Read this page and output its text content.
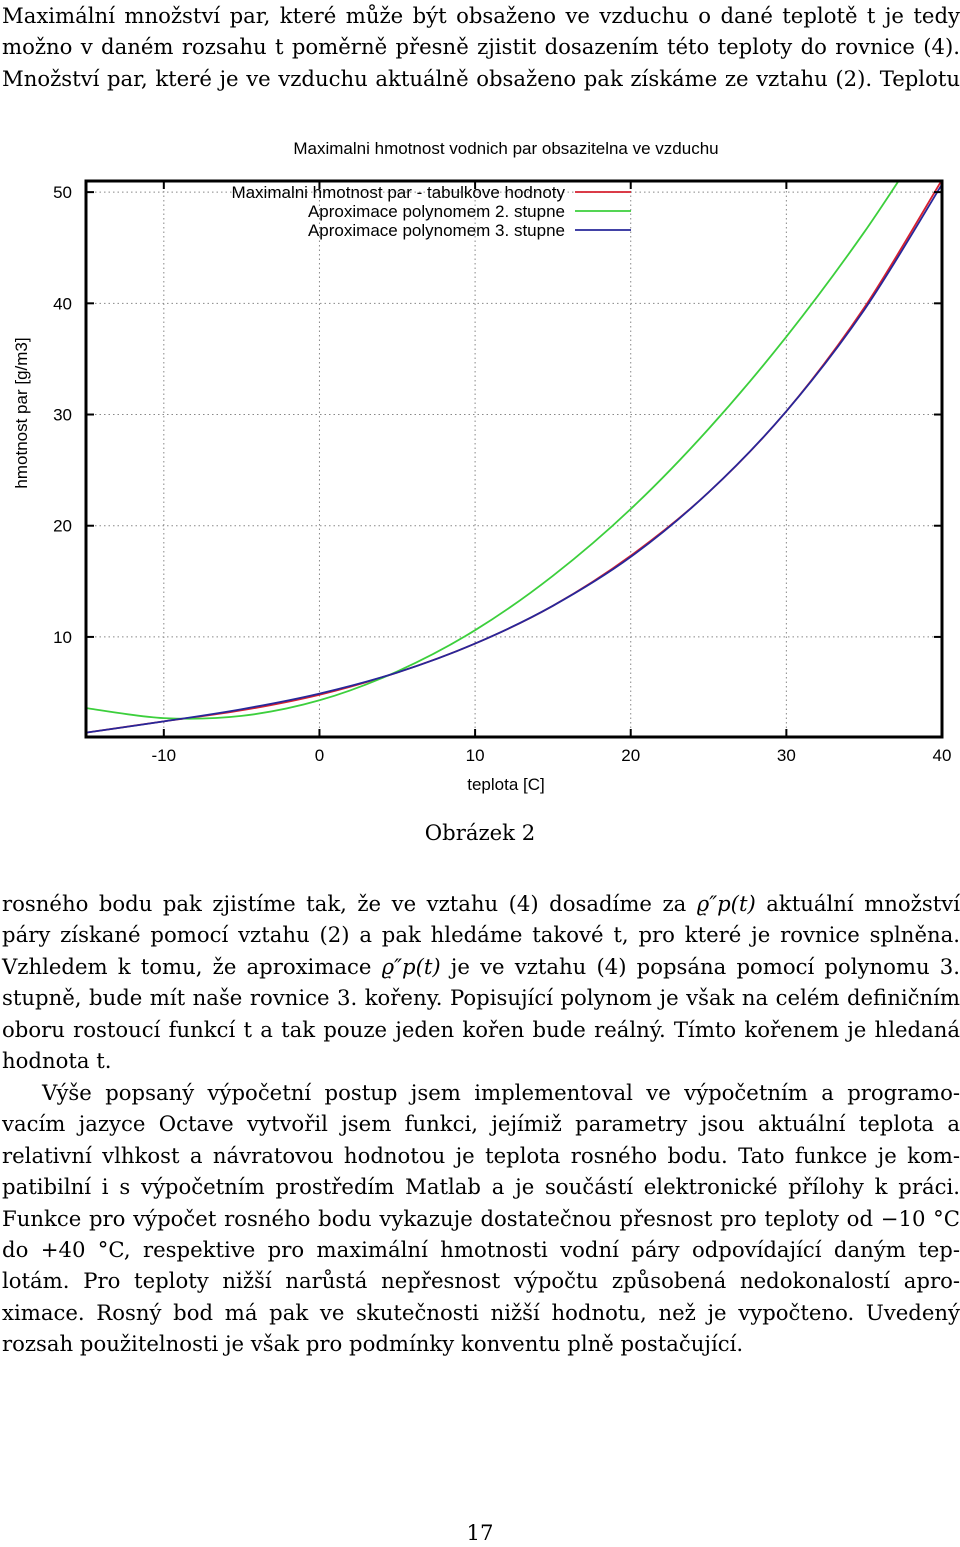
Maximální množství par, které může být obsaženo ve vzduchu o dané teplotě t je tedy
možno v daném rozsahu t poměrně přesně zjistit dosazením této teploty do rovnice (4).
Množství par, které je ve vzduchu aktuálně obsaženo pak získáme ze vztahu (2). Teplotu
-10	0	10	20	30	40
10
20
30
40
50
Maximalni hmotnost vodnich par obsazitelna ve vzduchu
teplota [C]
hmotnost par [g/m3]
Maximalni hmotnost par - tabulkove hodnoty
Aproximace polynomem 2. stupne
Aproximace polynomem 3. stupne
Obrázek 2
rosného bodu pak zjistíme tak, že ve vztahu (4) dosadíme za ϱ″p(t) aktuální množství
páry získané pomocí vztahu (2) a pak hledáme takové t, pro které je rovnice splněna.
Vzhledem k tomu, že aproximace ϱ″p(t) je ve vztahu (4) popsána pomocí polynomu 3.
stupně, bude mít naše rovnice 3. kořeny. Popisující polynom je však na celém definičním
oboru rostoucí funkcí t a tak pouze jeden kořen bude reálný. Tímto kořenem je hledaná
hodnota t.
Výše popsaný výpočetní postup jsem implementoval ve výpočetním a programo-
vacím jazyce Octave vytvořil jsem funkci, jejímiž parametry jsou aktuální teplota a
relativní vlhkost a návratovou hodnotou je teplota rosného bodu. Tato funkce je kom-
patibilní i s výpočetním prostředím Matlab a je součástí elektronické přílohy k práci.
Funkce pro výpočet rosného bodu vykazuje dostatečnou přesnost pro teploty od −10 °C
do +40 °C, respektive pro maximální hmotnosti vodní páry odpovídající daným tep-
lotám. Pro teploty nižší narůstá nepřesnost výpočtu způsobená nedokonalostí apro-
ximace. Rosný bod má pak ve skutečnosti nižší hodnotu, než je vypočteno. Uvedený
rozsah použitelnosti je však pro podmínky konventu plně postačující.
17
